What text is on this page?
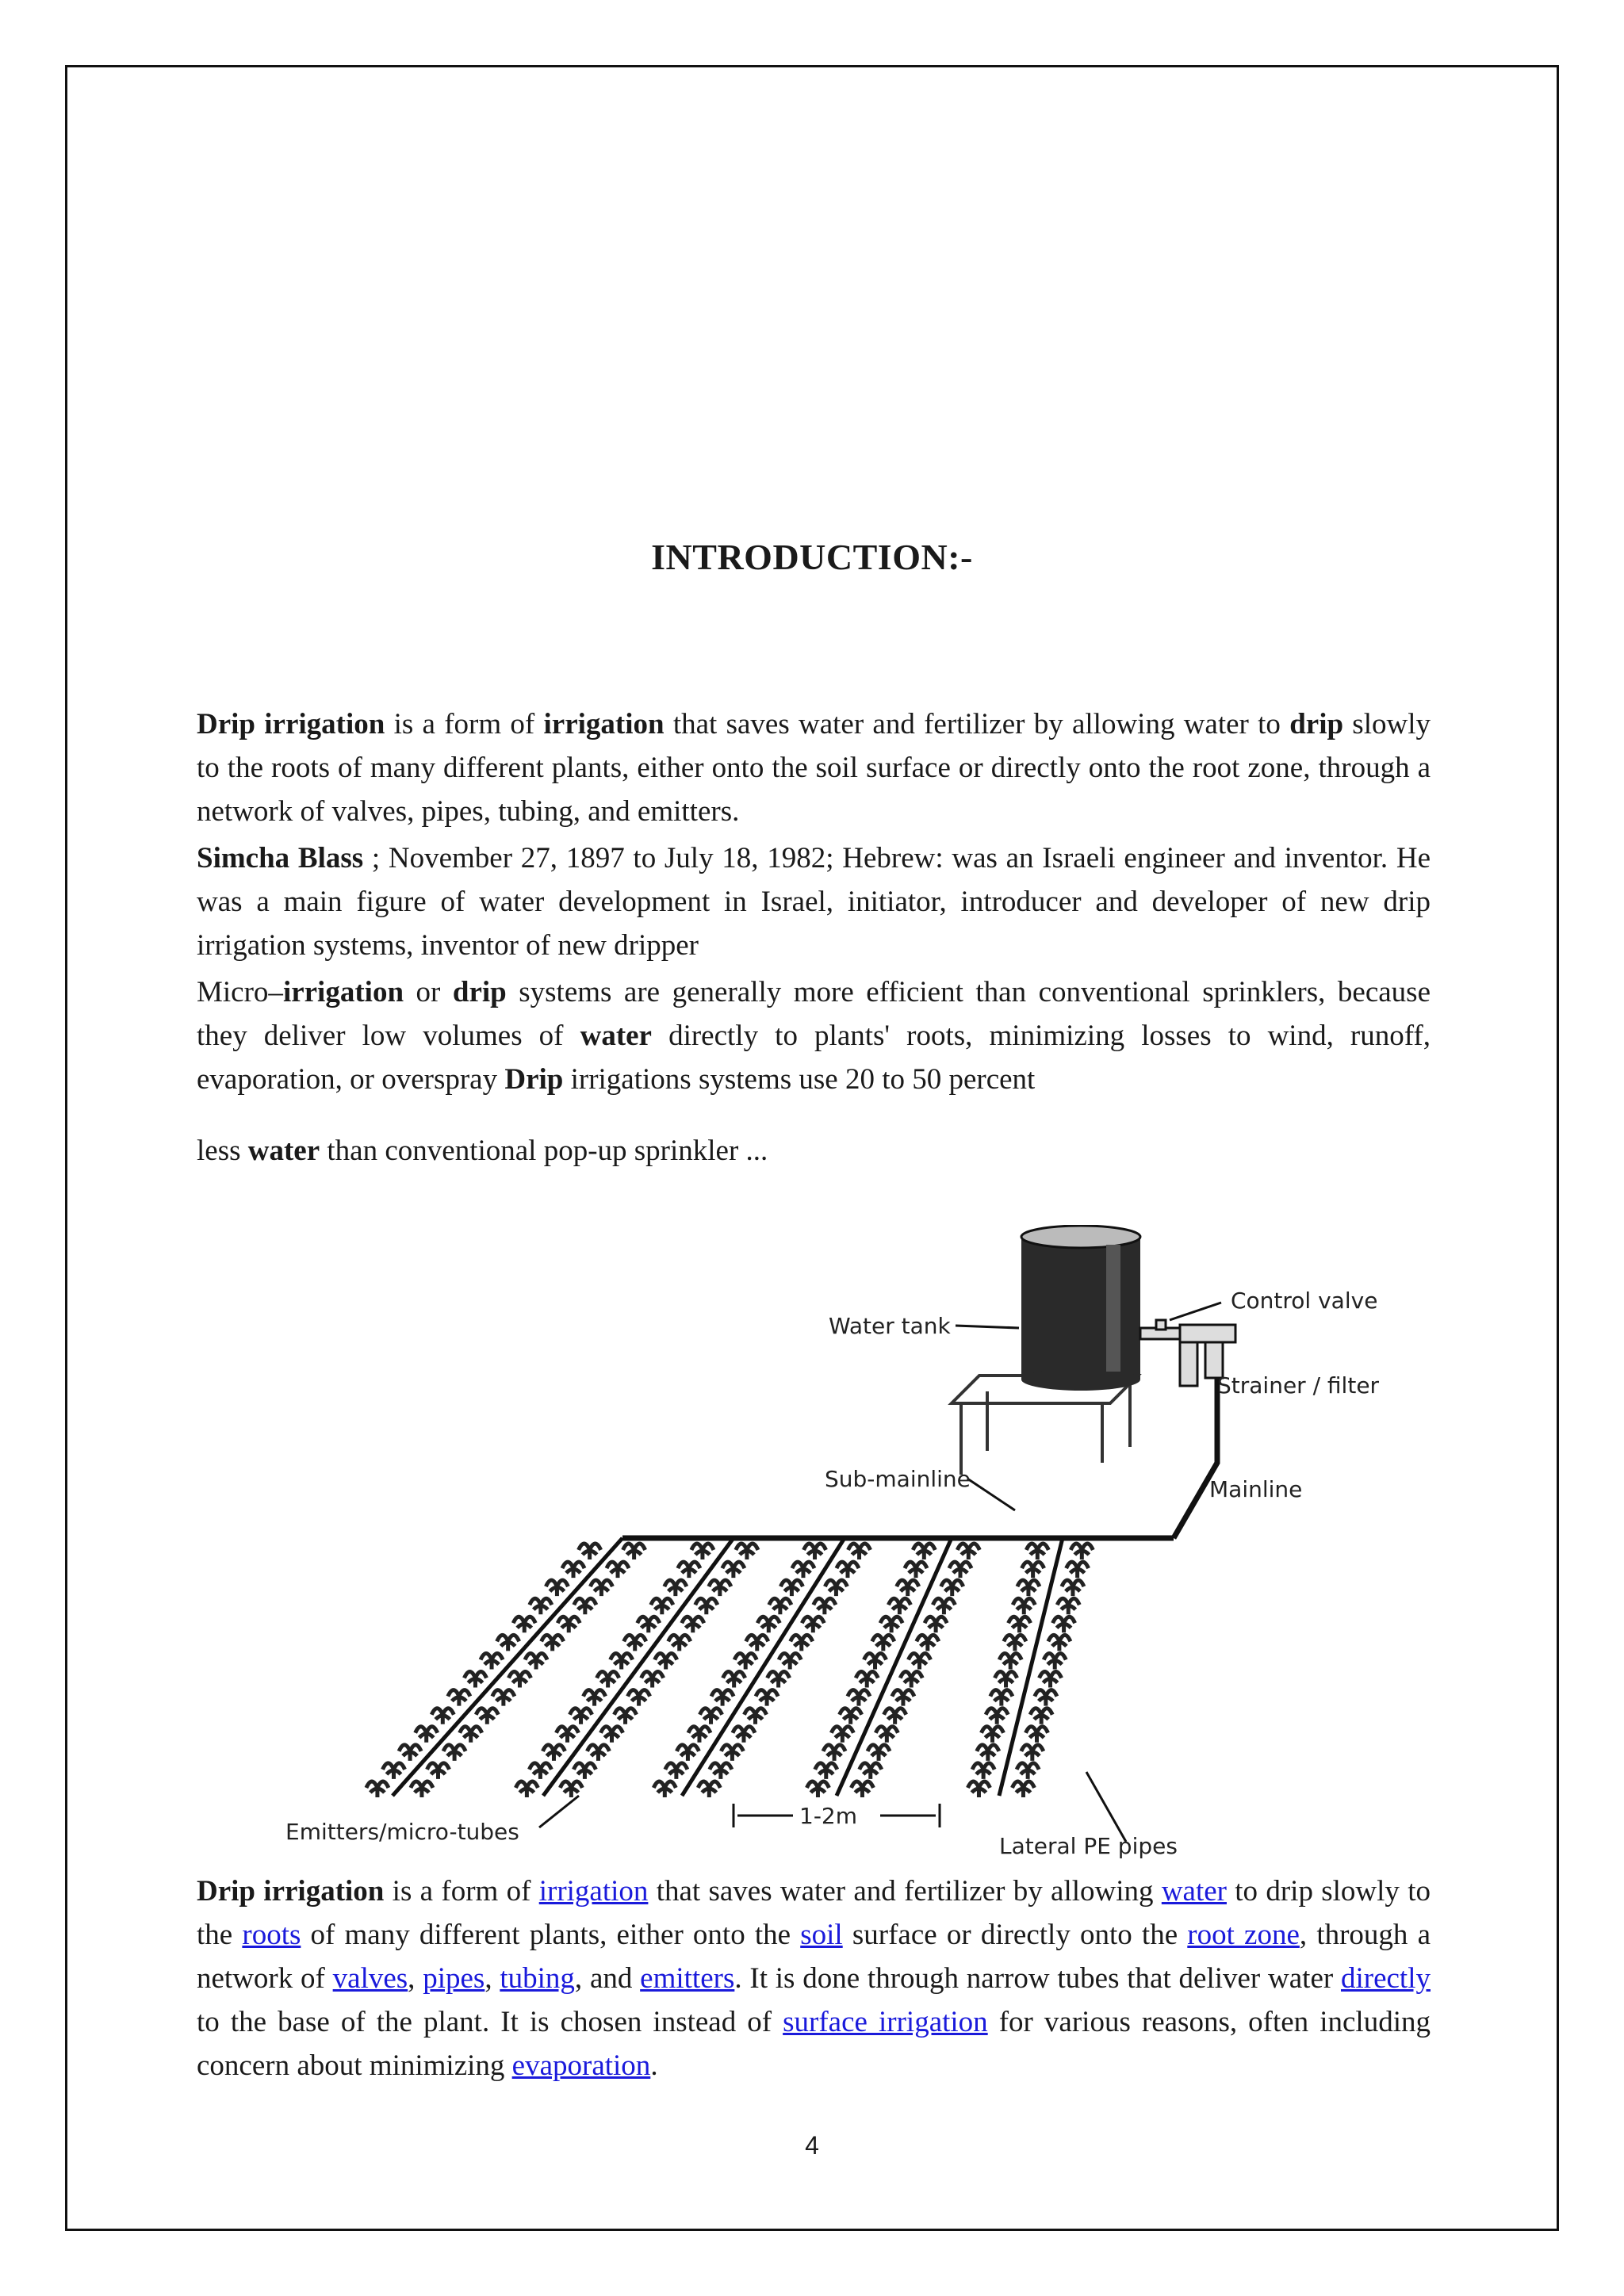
INTRODUCTION:-
Drip irrigation is a form of irrigation that saves water and fertilizer by allowing water to drip slowly to the roots of many different plants, either onto the soil surface or directly onto the root zone, through a network of valves, pipes, tubing, and emitters.
Simcha Blass ; November 27, 1897 to July 18, 1982; Hebrew: was an Israeli engineer and inventor. He was a main figure of water development in Israel, initiator, introducer and developer of new drip irrigation systems, inventor of new dripper
Micro–irrigation or drip systems are generally more efficient than conventional sprinklers, because they deliver low volumes of water directly to plants' roots, minimizing losses to wind, runoff, evaporation, or overspray Drip irrigations systems use 20 to 50 percent
less water than conventional pop-up sprinkler ...
Water tank
Control valve
Strainer / filter
Sub-mainline	Mainline
Emitters/micro-tubes
1-2m
Lateral PE pipes
Drip irrigation is a form of irrigation that saves water and fertilizer by allowing water to drip slowly to the roots of many different plants, either onto the soil surface or directly onto the root zone, through a network of valves, pipes, tubing, and emitters. It is done through narrow tubes that deliver water directly to the base of the plant. It is chosen instead of surface irrigation for various reasons, often including concern about minimizing evaporation.
4
